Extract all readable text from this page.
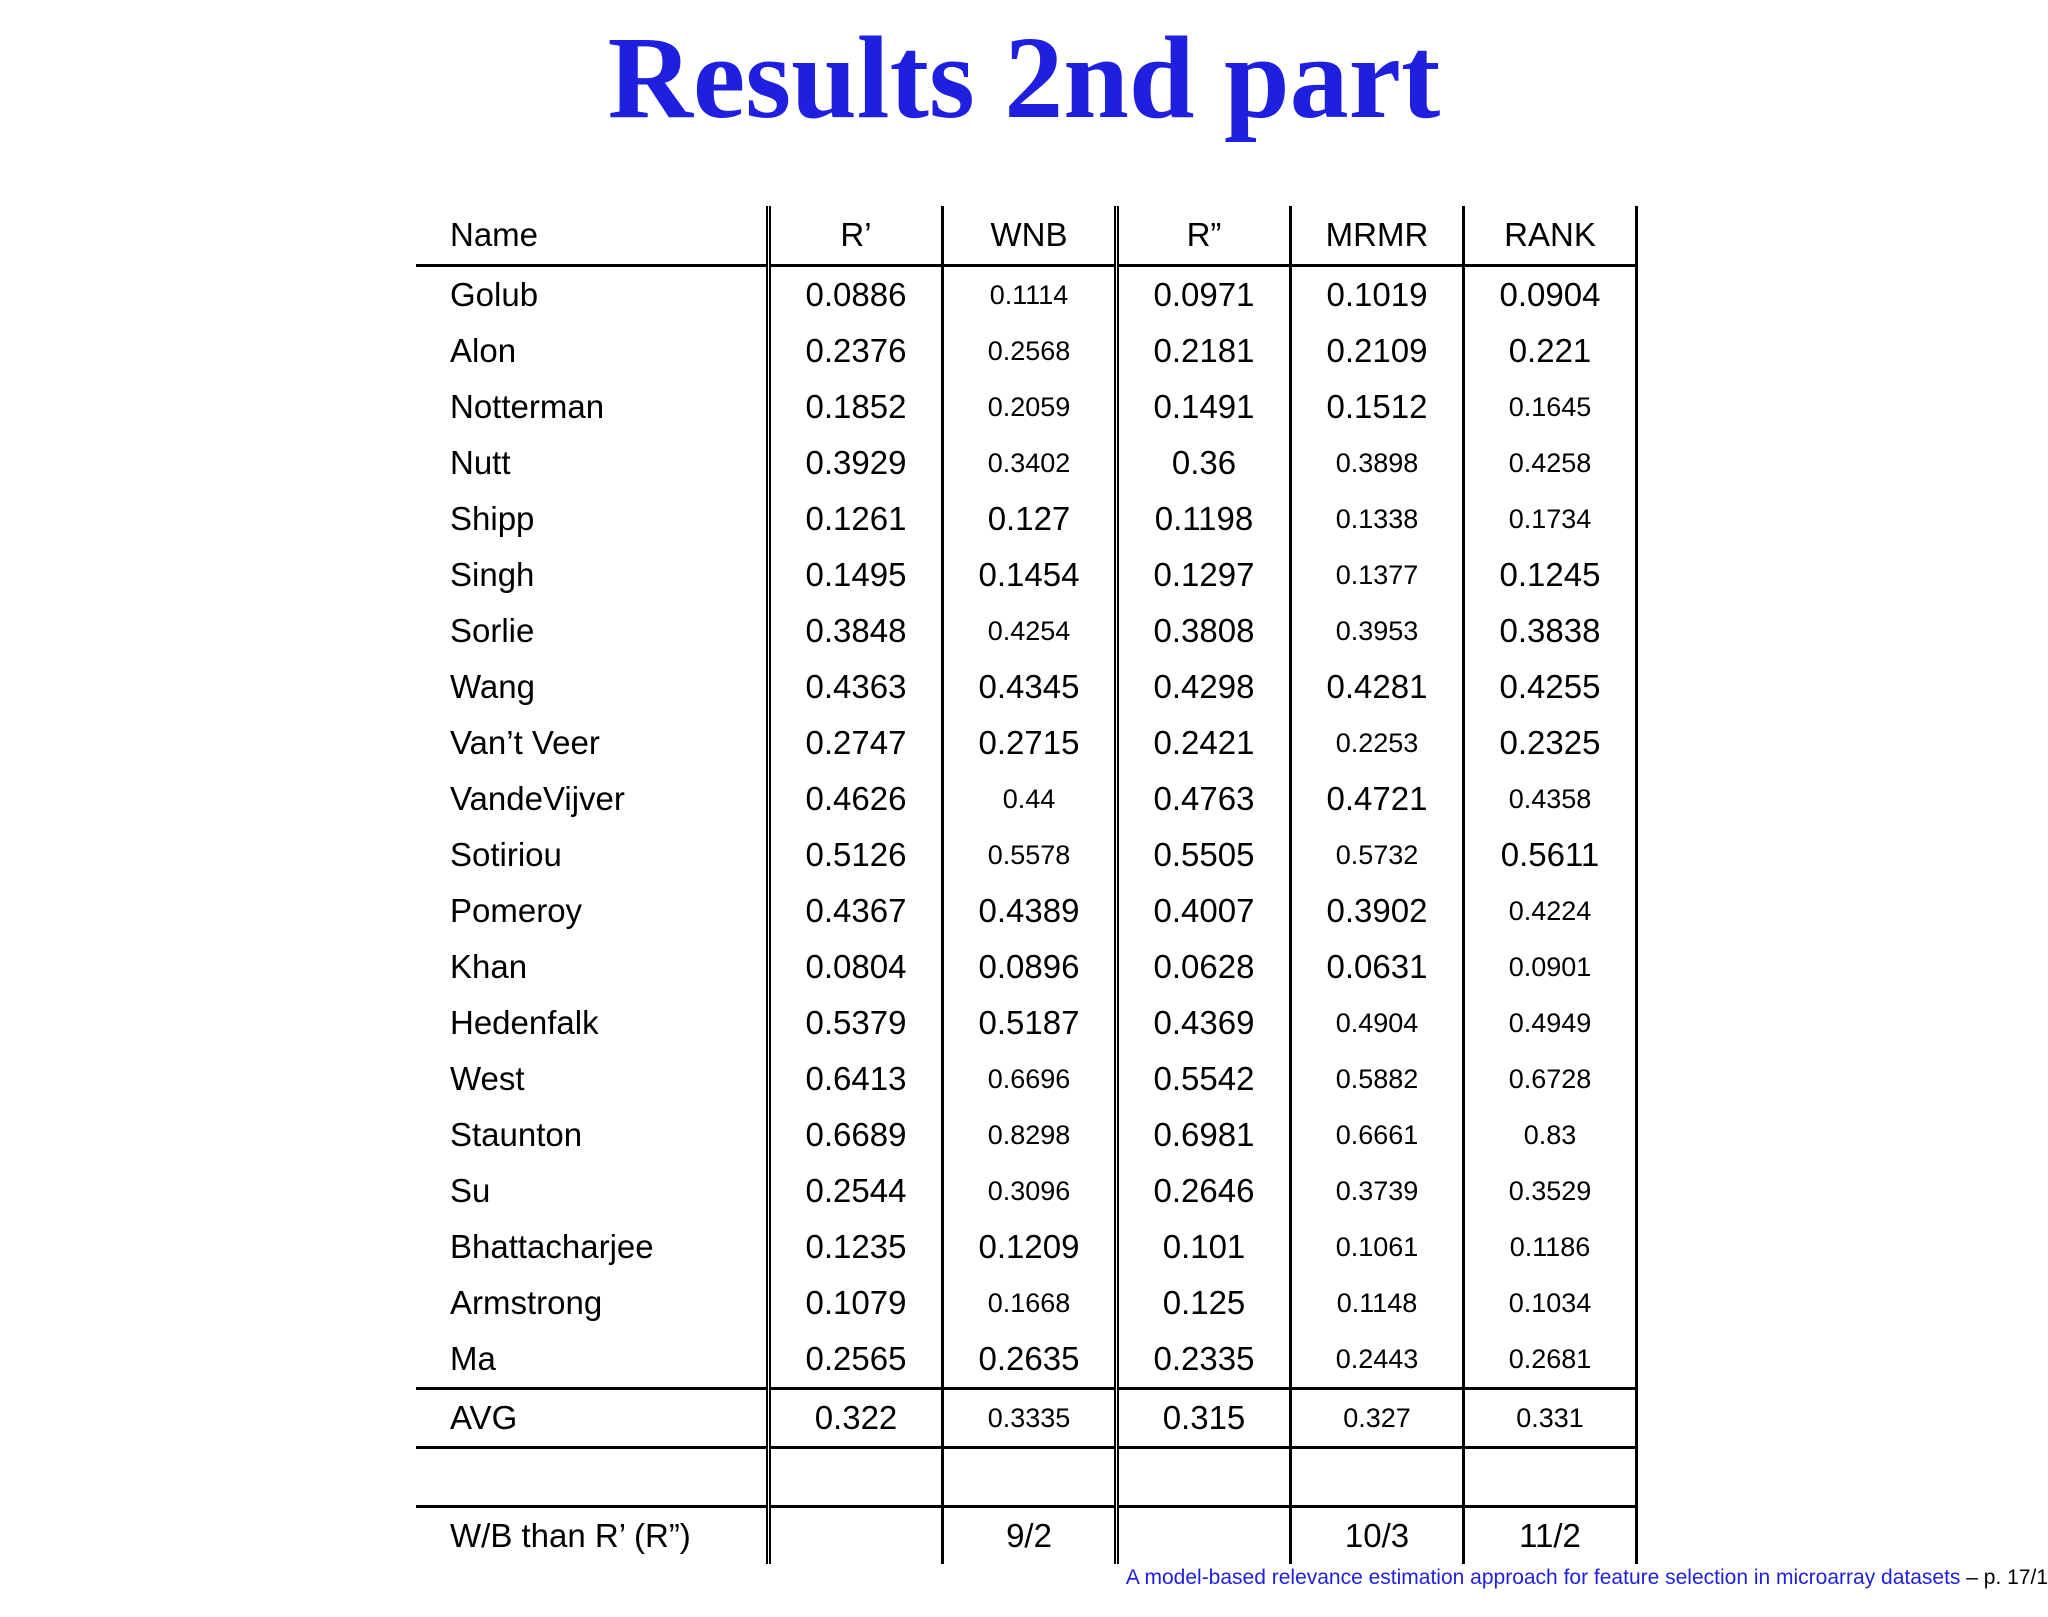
Results 2nd part
Name	R’	WNB	R”	MRMR	RANK
Golub	0.0886	0.1114	0.0971	0.1019	0.0904
Alon	0.2376	0.2568	0.2181	0.2109	0.221
Notterman	0.1852	0.2059	0.1491	0.1512	0.1645
Nutt	0.3929	0.3402	0.36	0.3898	0.4258
Shipp	0.1261	0.127	0.1198	0.1338	0.1734
Singh	0.1495	0.1454	0.1297	0.1377	0.1245
Sorlie	0.3848	0.4254	0.3808	0.3953	0.3838
Wang	0.4363	0.4345	0.4298	0.4281	0.4255
Van’t Veer	0.2747	0.2715	0.2421	0.2253	0.2325
VandeVijver	0.4626	0.44	0.4763	0.4721	0.4358
Sotiriou	0.5126	0.5578	0.5505	0.5732	0.5611
Pomeroy	0.4367	0.4389	0.4007	0.3902	0.4224
Khan	0.0804	0.0896	0.0628	0.0631	0.0901
Hedenfalk	0.5379	0.5187	0.4369	0.4904	0.4949
West	0.6413	0.6696	0.5542	0.5882	0.6728
Staunton	0.6689	0.8298	0.6981	0.6661	0.83
Su	0.2544	0.3096	0.2646	0.3739	0.3529
Bhattacharjee	0.1235	0.1209	0.101	0.1061	0.1186
Armstrong	0.1079	0.1668	0.125	0.1148	0.1034
Ma	0.2565	0.2635	0.2335	0.2443	0.2681
AVG	0.322	0.3335	0.315	0.327	0.331

W/B than R’ (R”)		9/2		10/3	11/2
A model-based relevance estimation approach for feature selection in microarray datasets – p. 17/1
